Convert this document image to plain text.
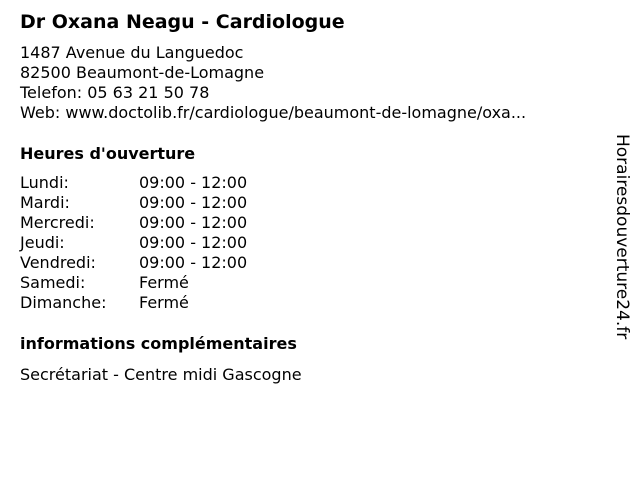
Dr Oxana Neagu - Cardiologue
1487 Avenue du Languedoc
82500 Beaumont-de-Lomagne
Telefon: 05 63 21 50 78
Web: www.doctolib.fr/cardiologue/beaumont-de-lomagne/oxa...
Heures d'ouverture
Lundi:	09:00 - 12:00
Mardi:	09:00 - 12:00
Mercredi:	09:00 - 12:00
Jeudi:	09:00 - 12:00
Vendredi:	09:00 - 12:00
Samedi:	Fermé
Dimanche:	Fermé
informations complémentaires
Secrétariat - Centre midi Gascogne
Horairesdouverture24.fr
